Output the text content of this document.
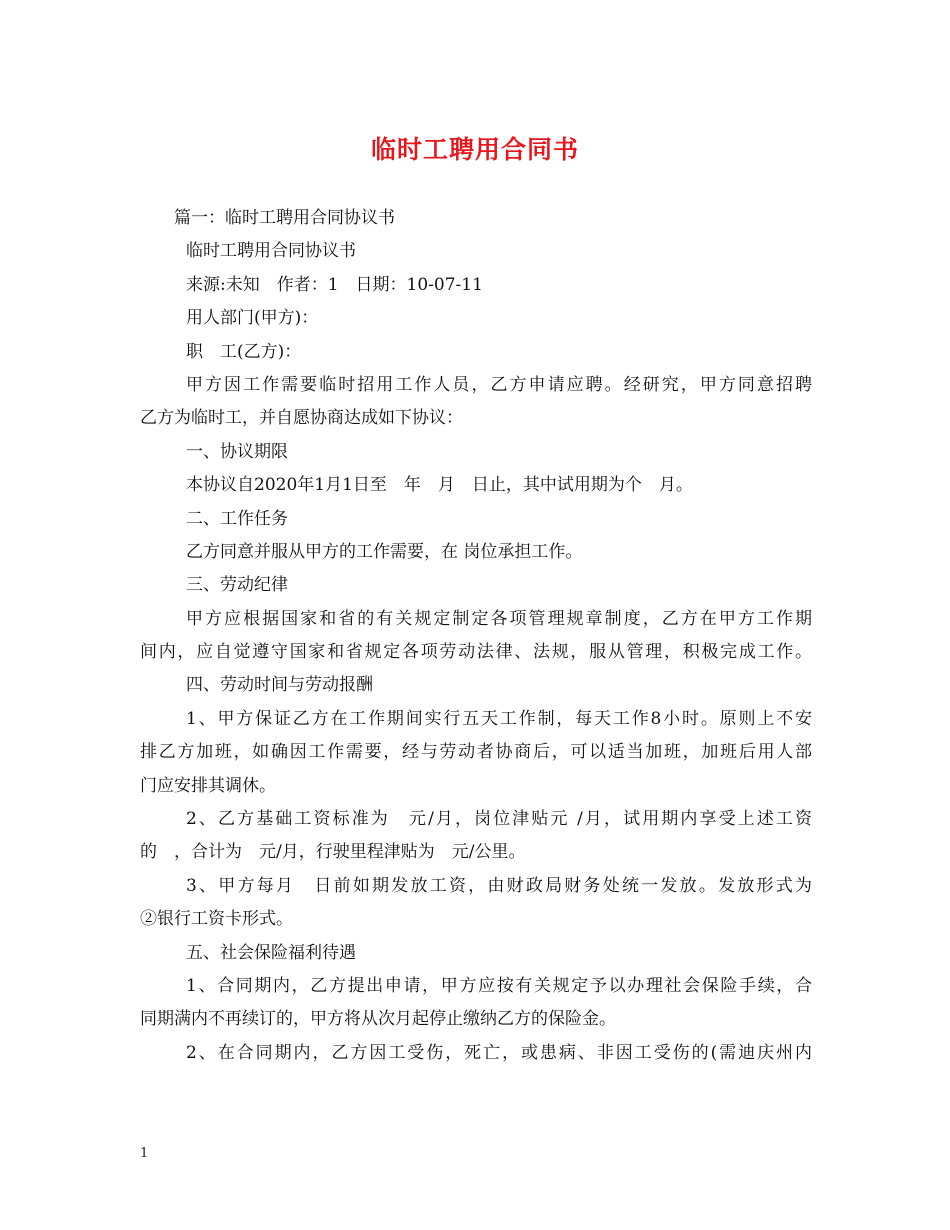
临时工聘用合同书
篇一：临时工聘用合同协议书
临时工聘用合同协议书
来源:未知　作者：1　日期：10-07-11
用人部门(甲方)：
职　工(乙方)：
甲方因工作需要临时招用工作人员，乙方申请应聘。经研究，甲方同意招聘
乙方为临时工，并自愿协商达成如下协议：
一、协议期限
本协议自2020年1月1日至　年　月　日止，其中试用期为个　月。
二、工作任务
乙方同意并服从甲方的工作需要，在 岗位承担工作。
三、劳动纪律
甲方应根据国家和省的有关规定制定各项管理规章制度，乙方在甲方工作期
间内，应自觉遵守国家和省规定各项劳动法律、法规，服从管理，积极完成工作。
四、劳动时间与劳动报酬
1、甲方保证乙方在工作期间实行五天工作制，每天工作8小时。原则上不安
排乙方加班，如确因工作需要，经与劳动者协商后，可以适当加班，加班后用人部
门应安排其调休。
2、乙方基础工资标准为　元/月，岗位津贴元 /月，试用期内享受上述工资
的　，合计为　元/月，行驶里程津贴为　元/公里。
3、甲方每月　日前如期发放工资，由财政局财务处统一发放。发放形式为
②银行工资卡形式。
五、社会保险福利待遇
1、合同期内，乙方提出申请，甲方应按有关规定予以办理社会保险手续，合
同期满内不再续订的，甲方将从次月起停止缴纳乙方的保险金。
2、在合同期内，乙方因工受伤，死亡，或患病、非因工受伤的(需迪庆州内
1
